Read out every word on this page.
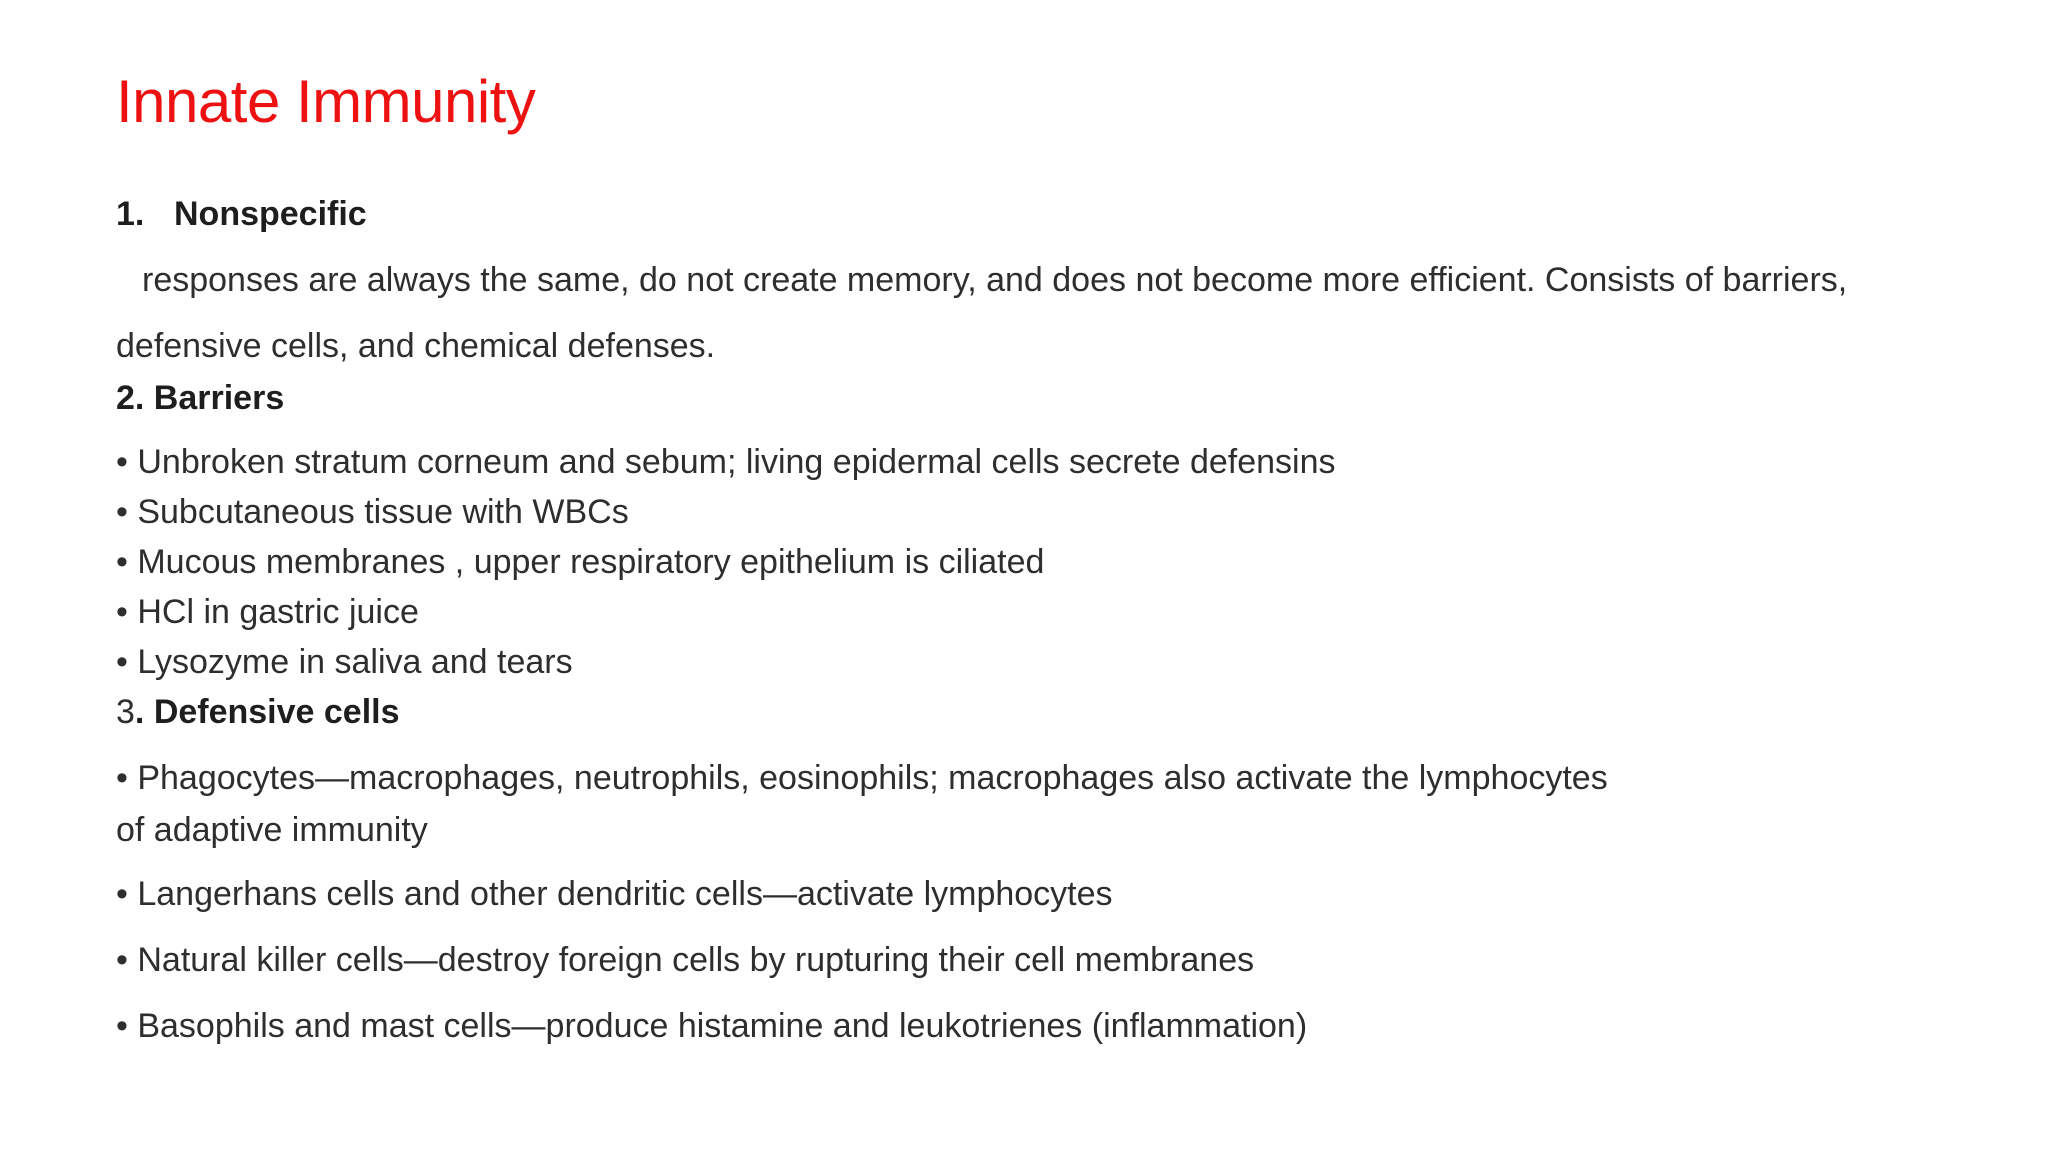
Innate Immunity
1. Nonspecific
responses are always the same, do not create memory, and does not become more efficient. Consists of barriers,
defensive cells, and chemical defenses.
2. Barriers
• Unbroken stratum corneum and sebum; living epidermal cells secrete defensins
• Subcutaneous tissue with WBCs
• Mucous membranes , upper respiratory epithelium is ciliated
• HCl in gastric juice
• Lysozyme in saliva and tears
3. Defensive cells
• Phagocytes—macrophages, neutrophils, eosinophils; macrophages also activate the lymphocytes
of adaptive immunity
• Langerhans cells and other dendritic cells—activate lymphocytes
• Natural killer cells—destroy foreign cells by rupturing their cell membranes
• Basophils and mast cells—produce histamine and leukotrienes (inflammation)
